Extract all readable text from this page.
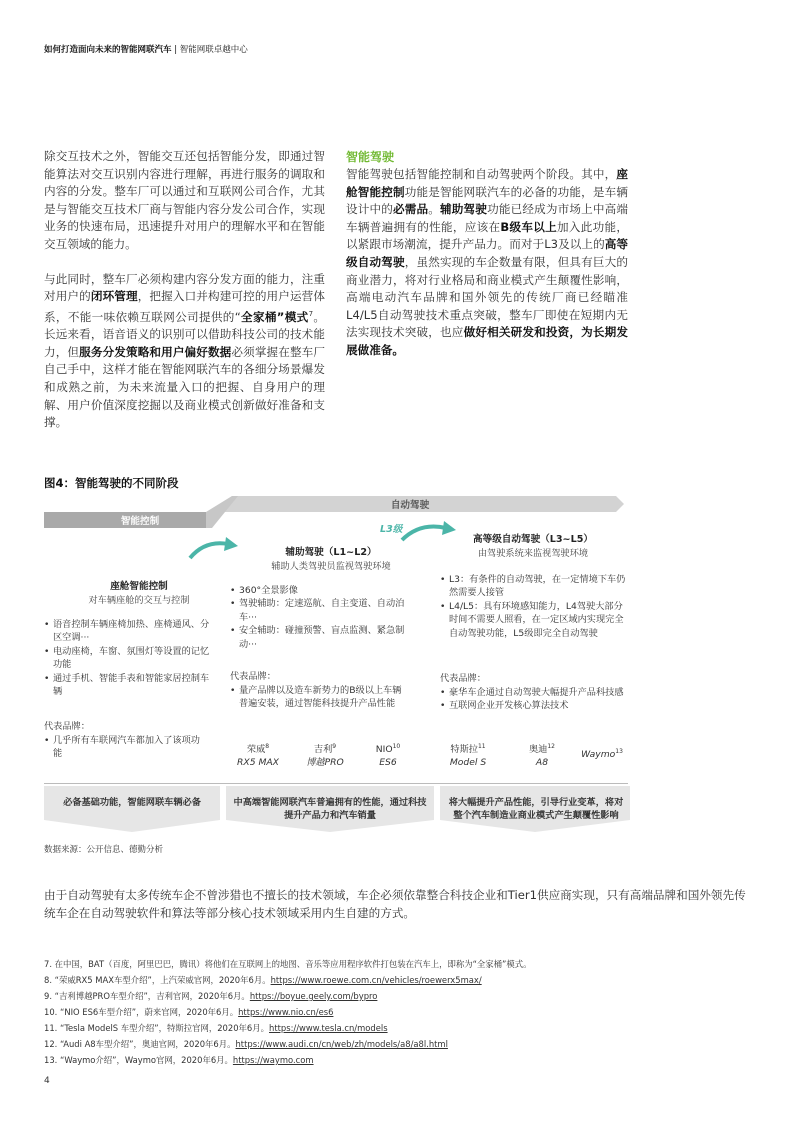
如何打造面向未来的智能网联汽车 | 智能网联卓越中心

除交互技术之外，智能交互还包括智能分发，即通过智能算法对交互识别内容进行理解，再进行服务的调取和内容的分发。整车厂可以通过和互联网公司合作，尤其是与智能交互技术厂商与智能内容分发公司合作，实现业务的快速布局，迅速提升对用户的理解水平和在智能交互领域的能力。

与此同时，整车厂必须构建内容分发方面的能力，注重对用户的闭环管理，把握入口并构建可控的用户运营体系，不能一味依赖互联网公司提供的“全家桶”模式$^7$。长远来看，语音语义的识别可以借助科技公司的技术能力，但服务分发策略和用户偏好数据必须掌握在整车厂自己手中，这样才能在智能网联汽车的各细分场景爆发和成熟之前，为未来流量入口的把握、自身用户的理解、用户价值深度挖掘以及商业模式创新做好准备和支撑。

智能驾驶

智能驾驶包括智能控制和自动驾驶两个阶段。其中，座舱智能控制功能是智能网联汽车的必备的功能，是车辆设计中的必需品。辅助驾驶功能已经成为市场上中高端车辆普遍拥有的性能，应该在B级车以上加入此功能，以紧跟市场潮流，提升产品力。而对于L3及以上的高等级自动驾驶，虽然实现的车企数量有限，但具有巨大的商业潜力，将对行业格局和商业模式产生颠覆性影响，高端电动汽车品牌和国外领先的传统厂商已经瞄准L4/L5自动驾驶技术重点突破，整车厂即使在短期内无法实现技术突破，也应做好相关研发和投资，为长期发展做准备。

图4：智能驾驶的不同阶段
智能控制
自动驾驶
L3级
座舱智能控制
对车辆座舱的交互与控制
• 语音控制车辆座椅加热、座椅通风、分区空调···
• 电动座椅，车窗、氛围灯等设置的记忆功能
• 通过手机、智能手表和智能家居控制车辆
代表品牌：
• 几乎所有车联网汽车都加入了该项功能
辅助驾驶（L1~L2）
辅助人类驾驶员监视驾驶环境
• 360°全景影像
• 驾驶辅助：定速巡航、自主变道、自动泊车···
• 安全辅助：碰撞预警、盲点监测、紧急制动···
代表品牌：
• 量产品牌以及造车新势力的B级以上车辆普遍安装，通过智能科技提升产品性能
荣威$^8$
RX5 MAX
吉利$^9$
博越PRO
NIO$^{10}$
ES6
高等级自动驾驶（L3~L5）
由驾驶系统来监视驾驶环境
• L3：有条件的自动驾驶，在一定情境下车仍然需要人接管
• L4/L5：具有环境感知能力，L4驾驶大部分时间不需要人照看，在一定区域内实现完全自动驾驶功能，L5级即完全自动驾驶
代表品牌：
• 豪华车企通过自动驾驶大幅提升产品科技感
• 互联网企业开发核心算法技术
特斯拉$^{11}$
Model S
奥迪$^{12}$
A8
Waymo$^{13}$
必备基础功能，智能网联车辆必备	中高端智能网联汽车普遍拥有的性能，通过科技提升产品力和汽车销量
将大幅提升产品性能，引导行业变革，将对整个汽车制造业商业模式产生颠覆性影响
数据来源：公开信息、德勤分析

由于自动驾驶有太多传统车企不曾涉猎也不擅长的技术领域，车企必须依靠整合科技企业和Tier1供应商实现，只有高端品牌和国外领先传统车企在自动驾驶软件和算法等部分核心技术领域采用内生自建的方式。

7. 在中国，BAT（百度，阿里巴巴，腾讯）将他们在互联网上的地图、音乐等应用程序软件打包装在汽车上，即称为“全家桶”模式。
8. “荣威RX5 MAX车型介绍”，上汽荣威官网，2020年6月。https://www.roewe.com.cn/vehicles/roewerx5max/
9. “吉利博越PRO车型介绍”，吉利官网，2020年6月。https://boyue.geely.com/bypro
10. “NIO ES6车型介绍”，蔚来官网，2020年6月。https://www.nio.cn/es6
11. “Tesla ModelS 车型介绍”，特斯拉官网，2020年6月。https://www.tesla.cn/models
12. “Audi A8车型介绍”，奥迪官网，2020年6月。https://www.audi.cn/cn/web/zh/models/a8/a8l.html
13. “Waymo介绍”，Waymo官网，2020年6月。https://waymo.com
4
